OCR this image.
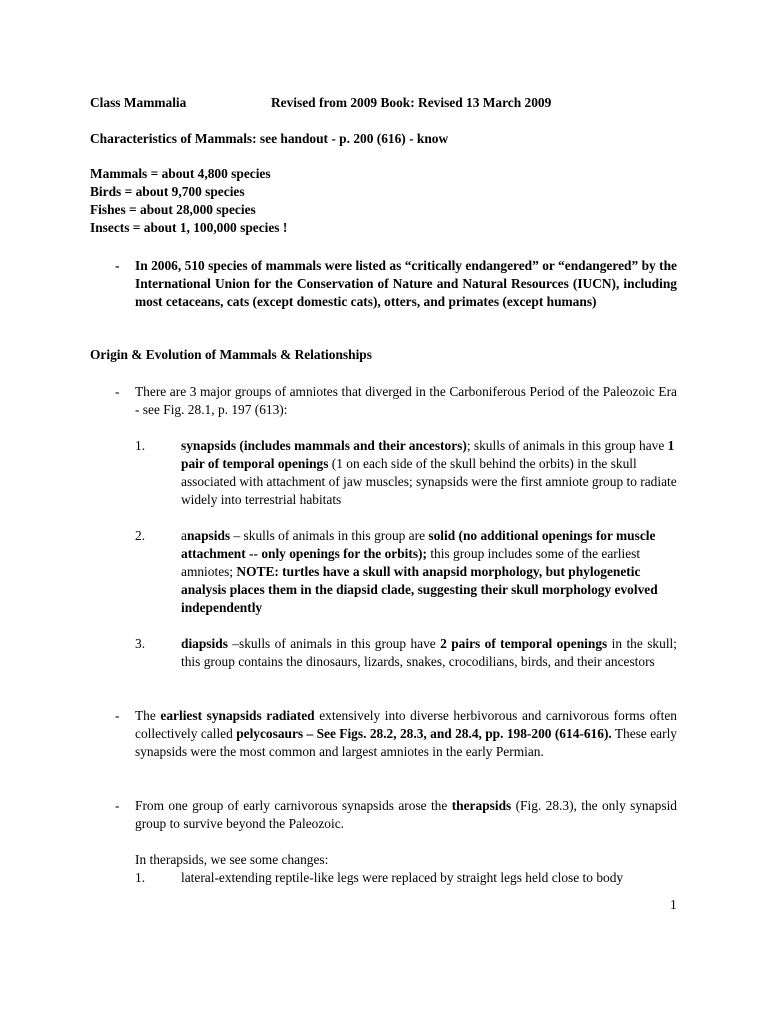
Class Mammalia	Revised from 2009 Book: Revised 13 March 2009
Characteristics of Mammals: see handout - p. 200 (616) - know
Mammals = about 4,800 species
Birds = about 9,700 species
Fishes = about 28,000 species
Insects = about 1, 100,000 species !
- In 2006, 510 species of mammals were listed as “critically endangered” or “endangered” by the International Union for the Conservation of Nature and Natural Resources (IUCN), including most cetaceans, cats (except domestic cats), otters, and primates (except humans)
Origin & Evolution of Mammals & Relationships
- There are 3 major groups of amniotes that diverged in the Carboniferous Period of the Paleozoic Era - see Fig. 28.1, p. 197 (613):
1.	synapsids (includes mammals and their ancestors); skulls of animals in this group have 1 pair of temporal openings (1 on each side of the skull behind the orbits) in the skull associated with attachment of jaw muscles; synapsids were the first amniote group to radiate widely into terrestrial habitats
2.	anapsids – skulls of animals in this group are solid (no additional openings for muscle attachment -- only openings for the orbits); this group includes some of the earliest amniotes; NOTE: turtles have a skull with anapsid morphology, but phylogenetic analysis places them in the diapsid clade, suggesting their skull morphology evolved independently
3.	diapsids –skulls of animals in this group have 2 pairs of temporal openings in the skull; this group contains the dinosaurs, lizards, snakes, crocodilians, birds, and their ancestors
- The earliest synapsids radiated extensively into diverse herbivorous and carnivorous forms often collectively called pelycosaurs – See Figs. 28.2, 28.3, and 28.4, pp. 198-200 (614-616). These early synapsids were the most common and largest amniotes in the early Permian.
- From one group of early carnivorous synapsids arose the therapsids (Fig. 28.3), the only synapsid group to survive beyond the Paleozoic.
In therapsids, we see some changes:
1.	lateral-extending reptile-like legs were replaced by straight legs held close to body
1
